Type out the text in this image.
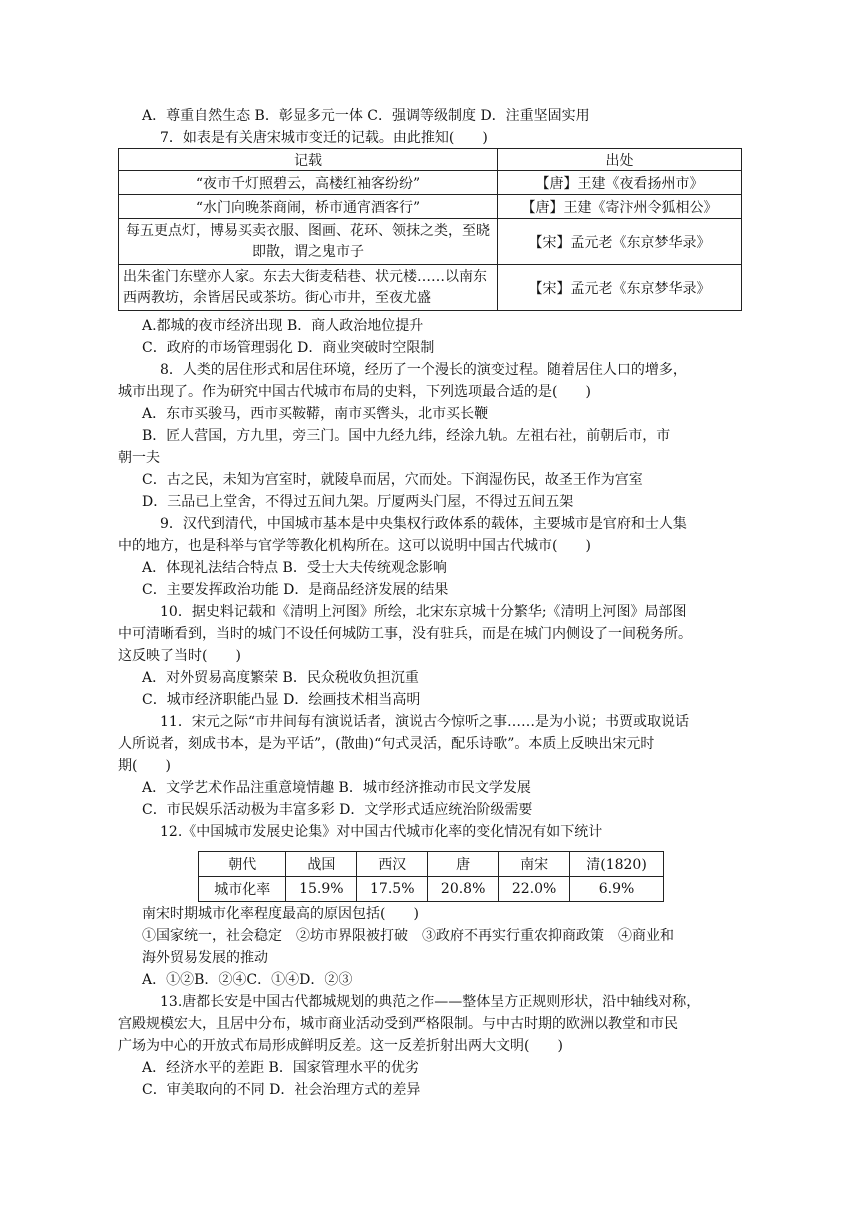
A．尊重自然生态 B．彰显多元一体 C．强调等级制度 D．注重坚固实用
7．如表是有关唐宋城市变迁的记载。由此推知(　　)
记载	出处
“夜市千灯照碧云，高楼红袖客纷纷”	【唐】王建《夜看扬州市》
“水门向晚茶商闹，桥市通宵酒客行”	【唐】王建《寄汴州令狐相公》
每五更点灯，博易买卖衣服、图画、花环、领抹之类，至晓即散，谓之鬼市子	【宋】孟元老《东京梦华录》
出朱雀门东壁亦人家。东去大街麦秸巷、状元楼……以南东西两教坊，余皆居民或茶坊。街心市井，至夜尤盛	【宋】孟元老《东京梦华录》
A.都城的夜市经济出现 B．商人政治地位提升
C．政府的市场管理弱化 D．商业突破时空限制
8．人类的居住形式和居住环境，经历了一个漫长的演变过程。随着居住人口的增多，
城市出现了。作为研究中国古代城市布局的史料，下列选项最合适的是(　　)
A．东市买骏马，西市买鞍鞯，南市买辔头，北市买长鞭
B．匠人营国，方九里，旁三门。国中九经九纬，经涂九轨。左祖右社，前朝后市，市
朝一夫
C．古之民，未知为宫室时，就陵阜而居，穴而处。下润湿伤民，故圣王作为宫室
D．三品已上堂舍，不得过五间九架。厅厦两头门屋，不得过五间五架
9．汉代到清代，中国城市基本是中央集权行政体系的载体，主要城市是官府和士人集
中的地方，也是科举与官学等教化机构所在。这可以说明中国古代城市(　　)
A．体现礼法结合特点 B．受士大夫传统观念影响
C．主要发挥政治功能 D．是商品经济发展的结果
10．据史料记载和《清明上河图》所绘，北宋东京城十分繁华;《清明上河图》局部图
中可清晰看到，当时的城门不设任何城防工事，没有驻兵，而是在城门内侧设了一间税务所。
这反映了当时(　　)
A．对外贸易高度繁荣 B．民众税收负担沉重
C．城市经济职能凸显 D．绘画技术相当高明
11．宋元之际“市井间每有演说话者，演说古今惊听之事……是为小说；书贾或取说话
人所说者，刻成书本，是为平话”，(散曲)“句式灵活，配乐诗歌”。本质上反映出宋元时
期(　　)
A．文学艺术作品注重意境情趣 B．城市经济推动市民文学发展
C．市民娱乐活动极为丰富多彩 D．文学形式适应统治阶级需要
12.《中国城市发展史论集》对中国古代城市化率的变化情况有如下统计
朝代	战国	西汉	唐	南宋	清(1820)
城市化率	15.9%	17.5%	20.8%	22.0%	6.9%
南宋时期城市化率程度最高的原因包括(　　)
①国家统一，社会稳定　②坊市界限被打破　③政府不再实行重农抑商政策　④商业和
海外贸易发展的推动
A．①②B．②④C．①④D．②③
13.唐都长安是中国古代都城规划的典范之作——整体呈方正规则形状，沿中轴线对称，
宫殿规模宏大，且居中分布，城市商业活动受到严格限制。与中古时期的欧洲以教堂和市民
广场为中心的开放式布局形成鲜明反差。这一反差折射出两大文明(　　)
A．经济水平的差距 B．国家管理水平的优劣
C．审美取向的不同 D．社会治理方式的差异
